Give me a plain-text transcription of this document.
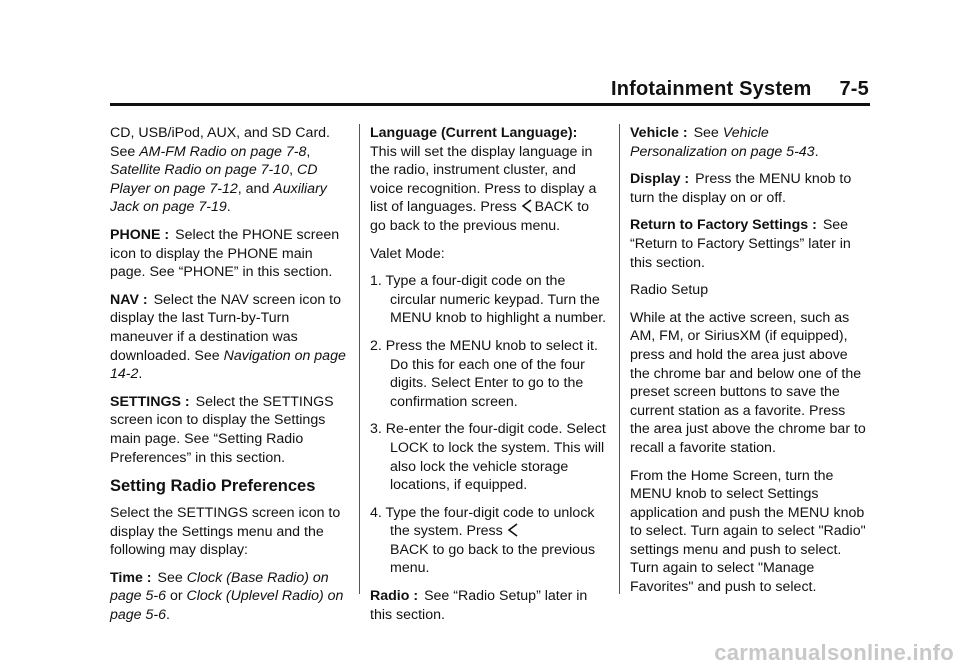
Infotainment System 7-5

CD, USB/iPod, AUX, and SD Card. See AM-FM Radio on page 7-8, Satellite Radio on page 7-10, CD Player on page 7-12, and Auxiliary Jack on page 7-19.

PHONE : Select the PHONE screen icon to display the PHONE main page. See “PHONE” in this section.

NAV : Select the NAV screen icon to display the last Turn-by-Turn maneuver if a destination was downloaded. See Navigation on page 14-2.

SETTINGS : Select the SETTINGS screen icon to display the Settings main page. See “Setting Radio Preferences” in this section.

Setting Radio Preferences

Select the SETTINGS screen icon to display the Settings menu and the following may display:

Time : See Clock (Base Radio) on page 5-6 or Clock (Uplevel Radio) on page 5-6.

Language (Current Language):
This will set the display language in the radio, instrument cluster, and voice recognition. Press to display a list of languages. Press
BACK to go back to the previous menu.

Valet Mode:

1. Type a four-digit code on the circular numeric keypad. Turn the MENU knob to highlight a number.
2. Press the MENU knob to select it. Do this for each one of the four digits. Select Enter to go to the confirmation screen.
3. Re-enter the four-digit code. Select LOCK to lock the system. This will also lock the vehicle storage locations, if equipped.
4. Type the four-digit code to unlock the system. Press

BACK to go back to the previous menu.

Radio : See “Radio Setup” later in this section.

Vehicle : See Vehicle Personalization on page 5-43.

Display : Press the MENU knob to turn the display on or off.

Return to Factory Settings : See “Return to Factory Settings” later in this section.

Radio Setup

While at the active screen, such as AM, FM, or SiriusXM (if equipped), press and hold the area just above the chrome bar and below one of the preset screen buttons to save the current station as a favorite. Press the area just above the chrome bar to recall a favorite station.

From the Home Screen, turn the MENU knob to select Settings application and push the MENU knob to select. Turn again to select "Radio" settings menu and push to select. Turn again to select "Manage Favorites" and push to select.

carmanualsonline.info
